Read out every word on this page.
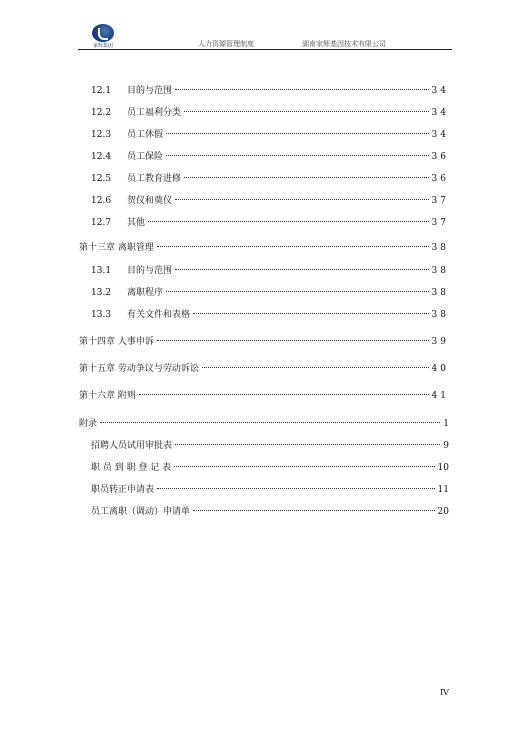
家辉集团	人力资源管理制度	湖南家辉基因技术有限公司
12.1	目的与范围	34
12.2	员工福利分类	34
12.3	员工休假	34
12.4	员工保险	36
12.5	员工教育进修	36
12.6	贺仪和奠仪	37
12.7	其他	37
第十三章 离职管理	38
13.1	目的与范围	38
13.2	离职程序	38
13.3	有关文件和表格	38
第十四章 人事申诉	39
第十五章 劳动争议与劳动诉讼	40
第十六章 附则	41
附录	1
招聘人员试用审批表	9
职 员 到 职 登 记 表	10
职员转正申请表	11
员工离职（调动）申请单	20
IV
